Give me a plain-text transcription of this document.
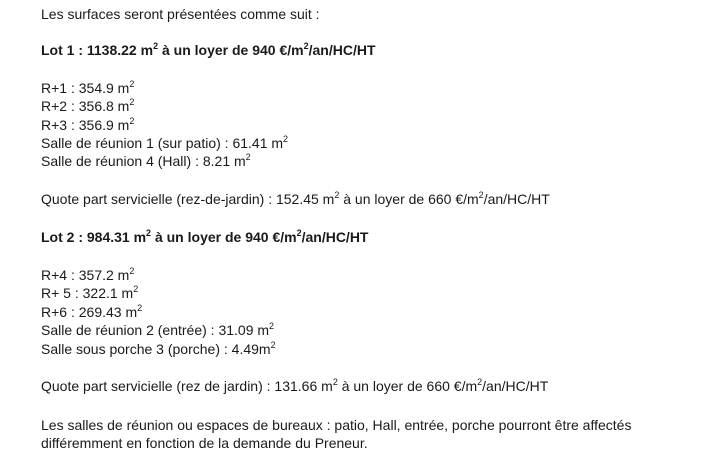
Les surfaces seront présentées comme suit :
Lot 1 : 1138.22 $m^2$ à un loyer de 940 $€/m^2/an/HC/HT$
R+1 : 354.9 $m^2$
R+2 : 356.8 $m^2$
R+3 : 356.9 $m^2$
Salle de réunion 1 (sur patio) : 61.41 $m^2$
Salle de réunion 4 (Hall) : 8.21 $m^2$
Quote part servicielle (rez-de-jardin) : 152.45 $m^2$ à un loyer de 660 $€/m^2/an/HC/HT$
Lot 2 : 984.31 $m^2$ à un loyer de 940 $€/m^2/an/HC/HT$
R+4 : 357.2 $m^2$
R+ 5 : 322.1 $m^2$
R+6 : 269.43 $m^2$
Salle de réunion 2 (entrée) : 31.09 $m^2$
Salle sous porche 3 (porche) : $4.49m^2$
Quote part servicielle (rez de jardin) : 131.66 $m^2$ à un loyer de 660 $€/m^2/an/HC/HT$
Les salles de réunion ou espaces de bureaux : patio, Hall, entrée, porche pourront être affectés
différemment en fonction de la demande du Preneur.
